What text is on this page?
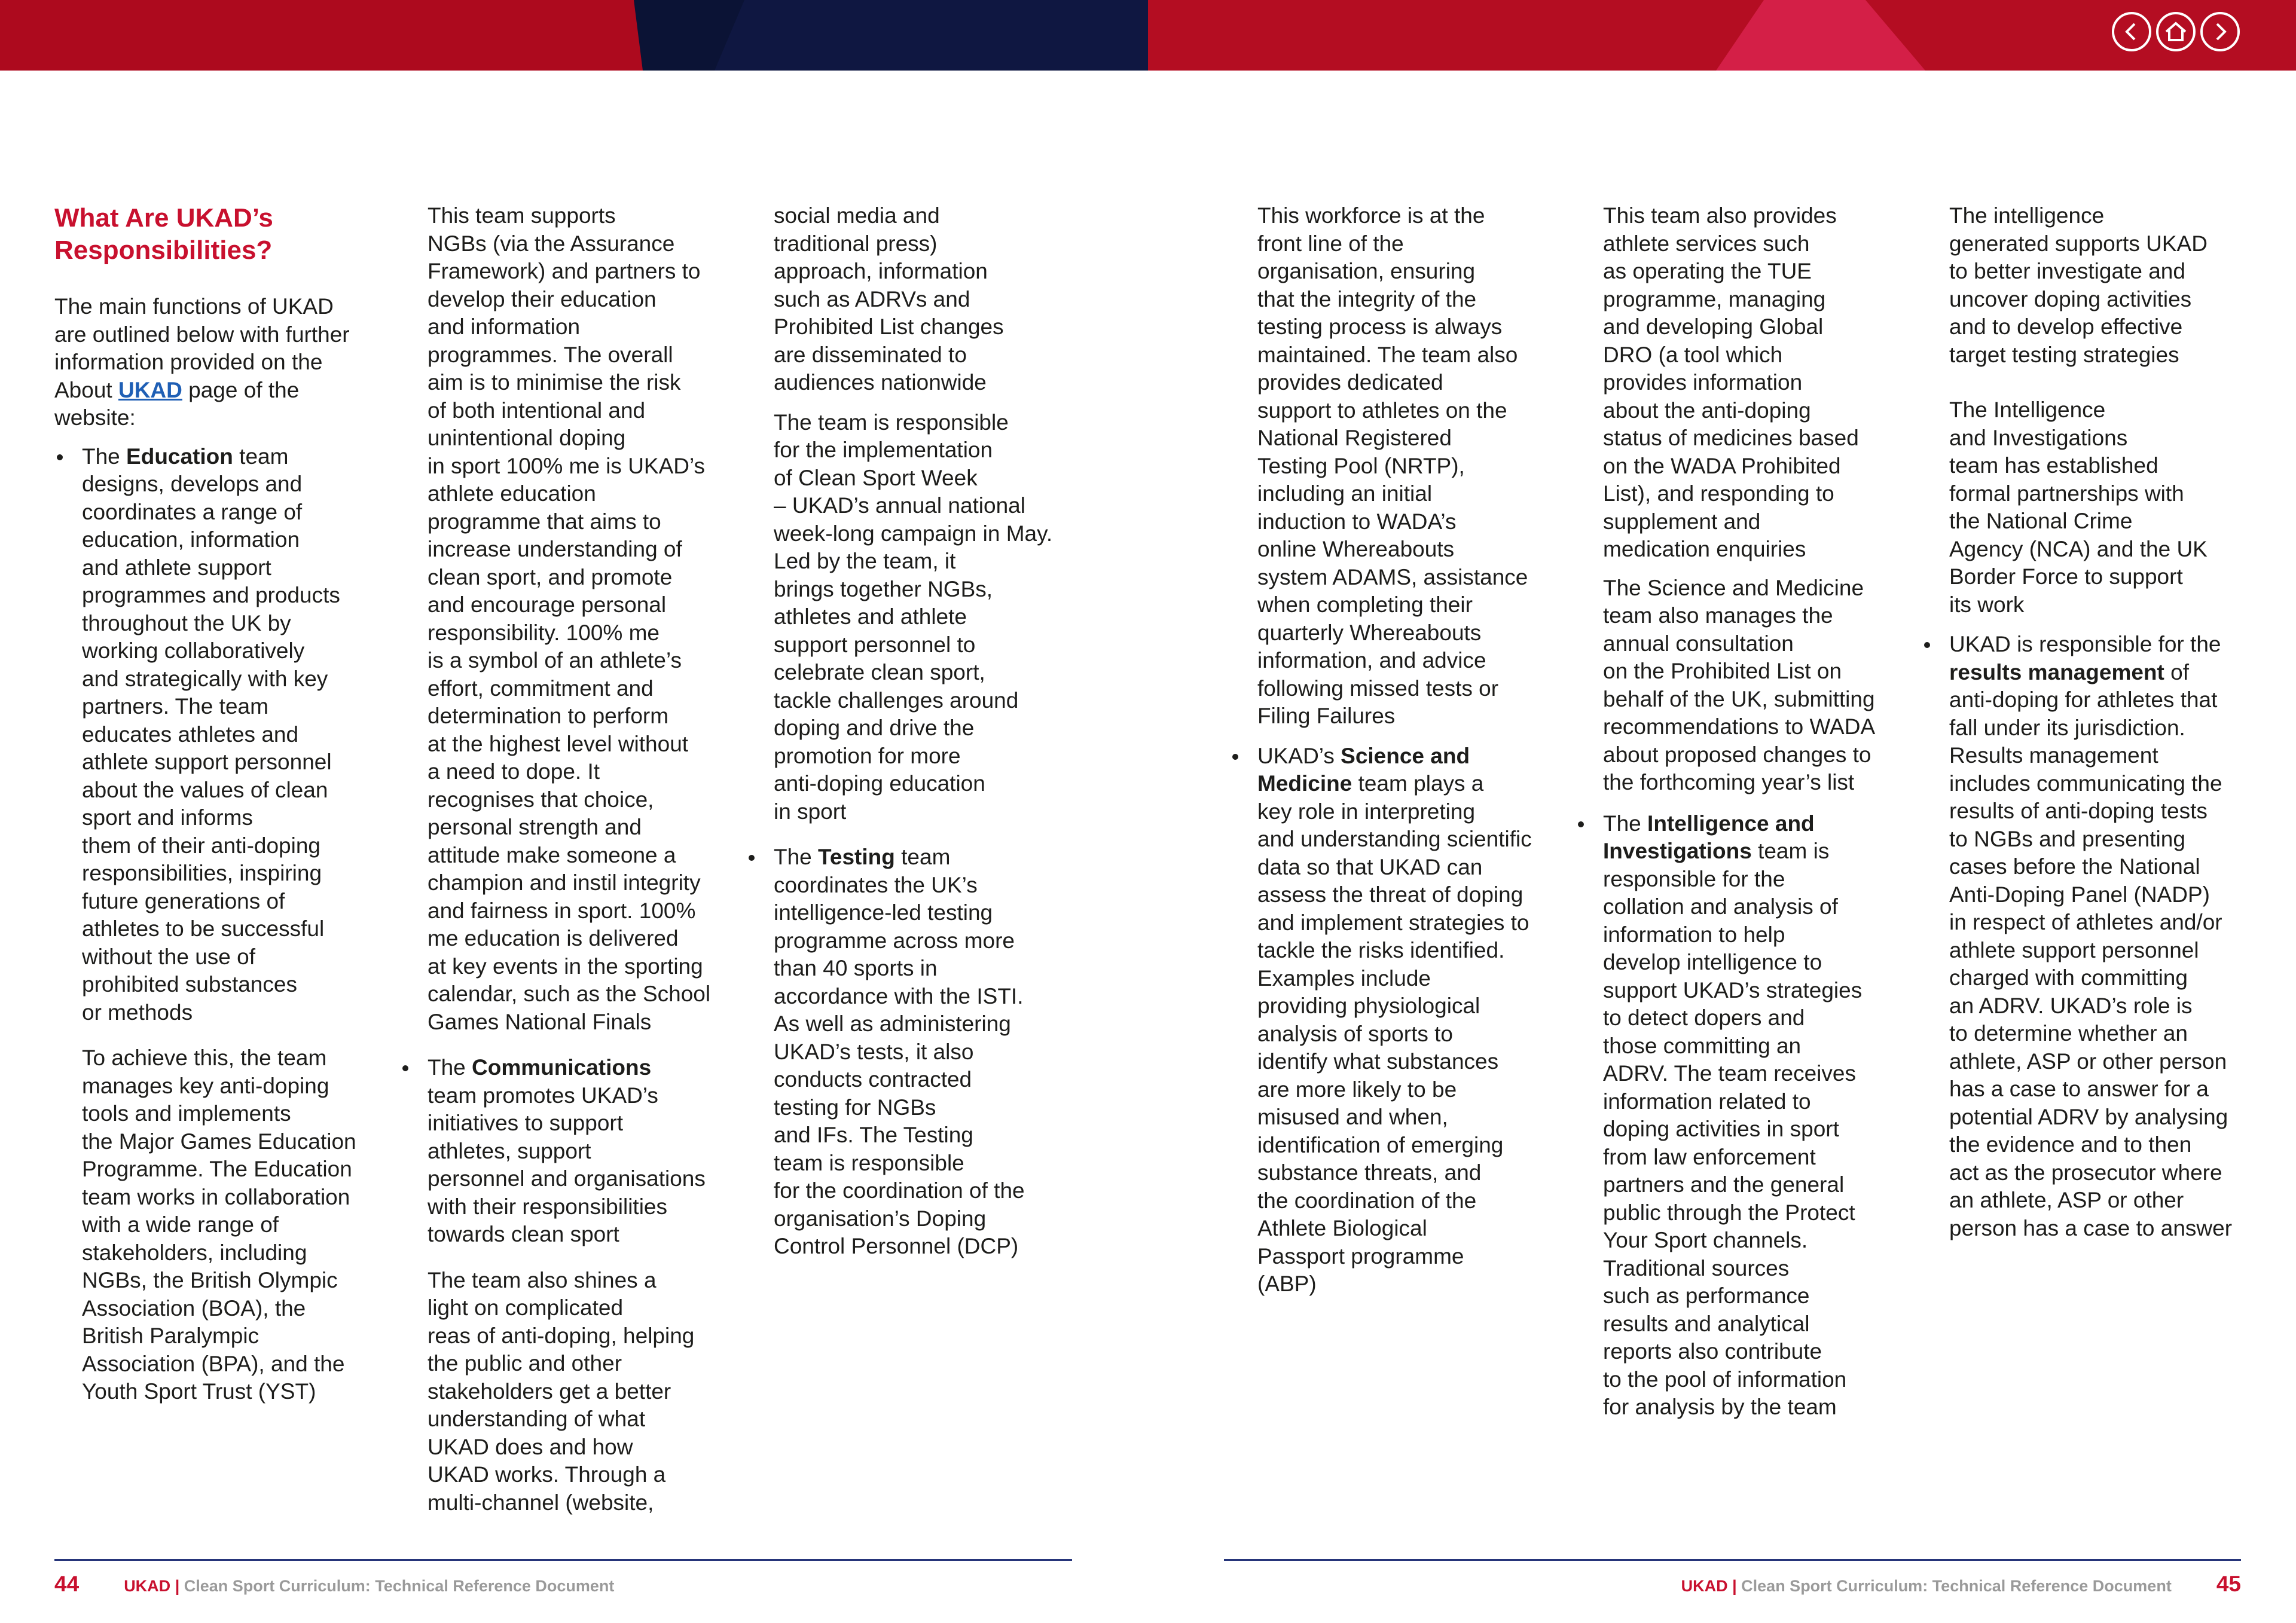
What Are UKAD’s
Responsibilities?

The main functions of UKAD
are outlined below with further
information provided on the
About UKAD page of the
website:

The Education team
designs, develops and
coordinates a range of
education, information
and athlete support
programmes and products
throughout the UK by
working collaboratively
and strategically with key
partners. The team
educates athletes and
athlete support personnel
about the values of clean
sport and informs
them of their anti-doping
responsibilities, inspiring
future generations of
athletes to be successful
without the use of
prohibited substances
or methods

To achieve this, the team
manages key anti-doping
tools and implements
the Major Games Education
Programme. The Education
team works in collaboration
with a wide range of
stakeholders, including
NGBs, the British Olympic
Association (BOA), the
British Paralympic
Association (BPA), and the
Youth Sport Trust (YST)

This team supports
NGBs (via the Assurance
Framework) and partners to
develop their education
and information
programmes. The overall
aim is to minimise the risk
of both intentional and
unintentional doping
in sport 100% me is UKAD’s
athlete education
programme that aims to
increase understanding of
clean sport, and promote
and encourage personal
responsibility. 100% me
is a symbol of an athlete’s
effort, commitment and
determination to perform
at the highest level without
a need to dope. It
recognises that choice,
personal strength and
attitude make someone a
champion and instil integrity
and fairness in sport. 100%
me education is delivered
at key events in the sporting
calendar, such as the School
Games National Finals

The Communications
team promotes UKAD’s
initiatives to support
athletes, support
personnel and organisations
with their responsibilities
towards clean sport

The team also shines a
light on complicated
reas of anti-doping, helping
the public and other
stakeholders get a better
understanding of what
UKAD does and how
UKAD works. Through a
multi-channel (website,

social media and
traditional press)
approach, information
such as ADRVs and
Prohibited List changes
are disseminated to
audiences nationwide

The team is responsible
for the implementation
of Clean Sport Week
– UKAD’s annual national
week-long campaign in May.
Led by the team, it
brings together NGBs,
athletes and athlete
support personnel to
celebrate clean sport,
tackle challenges around
doping and drive the
promotion for more
anti-doping education
in sport

The Testing team
coordinates the UK’s
intelligence-led testing
programme across more
than 40 sports in
accordance with the ISTI.
As well as administering
UKAD’s tests, it also
conducts contracted
testing for NGBs
and IFs. The Testing
team is responsible
for the coordination of the
organisation’s Doping
Control Personnel (DCP)

This workforce is at the
front line of the
organisation, ensuring
that the integrity of the
testing process is always
maintained. The team also
provides dedicated
support to athletes on the
National Registered
Testing Pool (NRTP),
including an initial
induction to WADA’s
online Whereabouts
system ADAMS, assistance
when completing their
quarterly Whereabouts
information, and advice
following missed tests or
Filing Failures

UKAD’s Science and
Medicine team plays a
key role in interpreting
and understanding scientific
data so that UKAD can
assess the threat of doping
and implement strategies to
tackle the risks identified.
Examples include
providing physiological
analysis of sports to
identify what substances
are more likely to be
misused and when,
identification of emerging
substance threats, and
the coordination of the
Athlete Biological
Passport programme
(ABP)

This team also provides
athlete services such
as operating the TUE
programme, managing
and developing Global
DRO (a tool which
provides information
about the anti-doping
status of medicines based
on the WADA Prohibited
List), and responding to
supplement and
medication enquiries

The Science and Medicine
team also manages the
annual consultation
on the Prohibited List on
behalf of the UK, submitting
recommendations to WADA
about proposed changes to
the forthcoming year’s list

The Intelligence and
Investigations team is
responsible for the
collation and analysis of
information to help
develop intelligence to
support UKAD’s strategies
to detect dopers and
those committing an
ADRV. The team receives
information related to
doping activities in sport
from law enforcement
partners and the general
public through the Protect
Your Sport channels.
Traditional sources
such as performance
results and analytical
reports also contribute
to the pool of information
for analysis by the team

The intelligence
generated supports UKAD
to better investigate and
uncover doping activities
and to develop effective
target testing strategies

The Intelligence
and Investigations
team has established
formal partnerships with
the National Crime
Agency (NCA) and the UK
Border Force to support
its work

UKAD is responsible for the
results management of
anti-doping for athletes that
fall under its jurisdiction.
Results management
includes communicating the
results of anti-doping tests
to NGBs and presenting
cases before the National
Anti-Doping Panel (NADP)
in respect of athletes and/or
athlete support personnel
charged with committing
an ADRV. UKAD’s role is
to determine whether an
athlete, ASP or other person
has a case to answer for a
potential ADRV by analysing
the evidence and to then
act as the prosecutor where
an athlete, ASP or other
person has a case to answer

44	UKAD | Clean Sport Curriculum: Technical Reference Document	UKAD | Clean Sport Curriculum: Technical Reference Document 45
